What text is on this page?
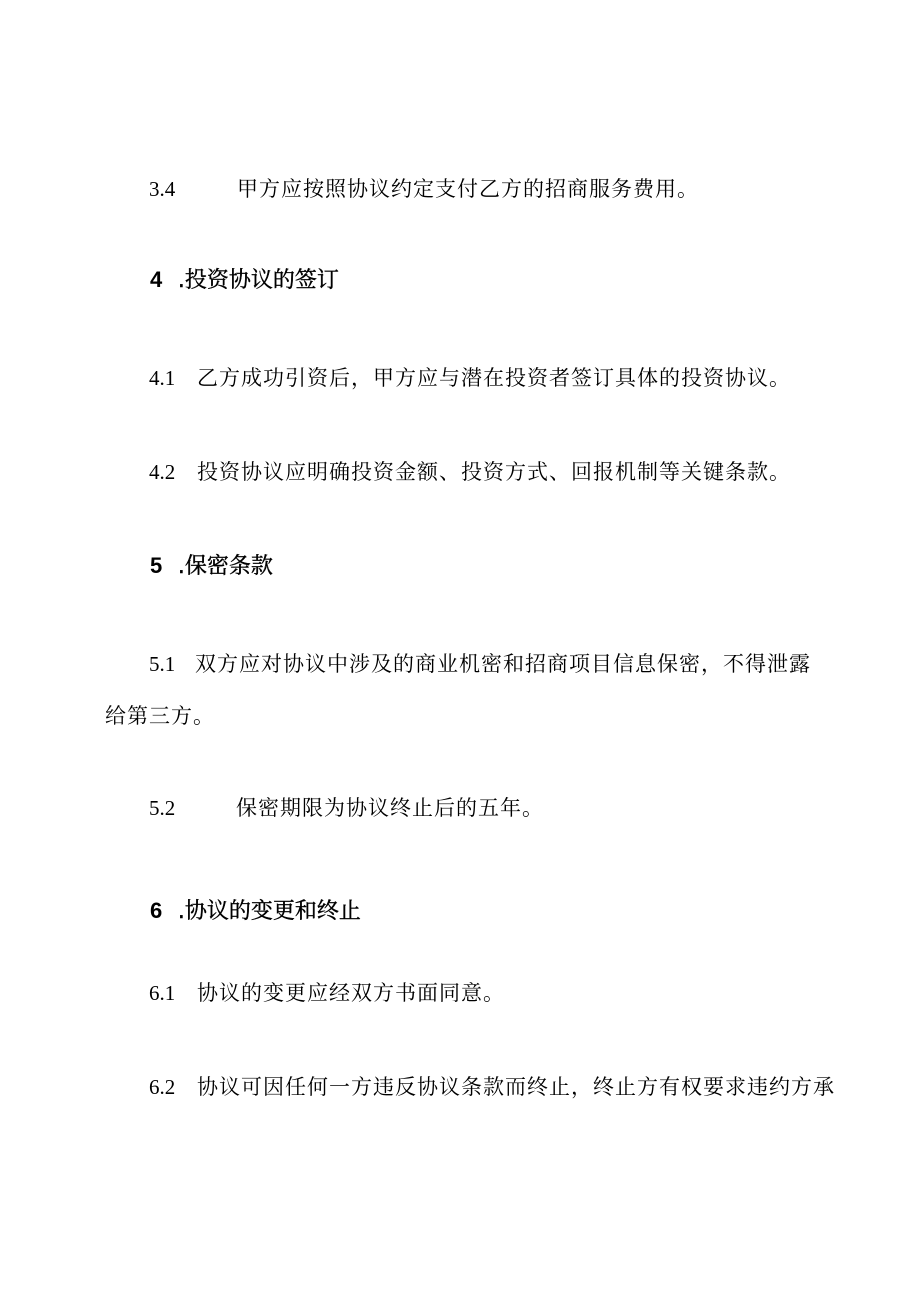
3.4	甲方应按照协议约定支付乙方的招商服务费用。
4 .投资协议的签订
4.1 乙方成功引资后，甲方应与潜在投资者签订具体的投资协议。
4.2 投资协议应明确投资金额、投资方式、回报机制等关键条款。
5 .保密条款
5.1 双方应对协议中涉及的商业机密和招商项目信息保密，不得泄露
给第三方。
5.2	保密期限为协议终止后的五年。
6 .协议的变更和终止
6.1 协议的变更应经双方书面同意。
6.2 协议可因任何一方违反协议条款而终止，终止方有权要求违约方承
